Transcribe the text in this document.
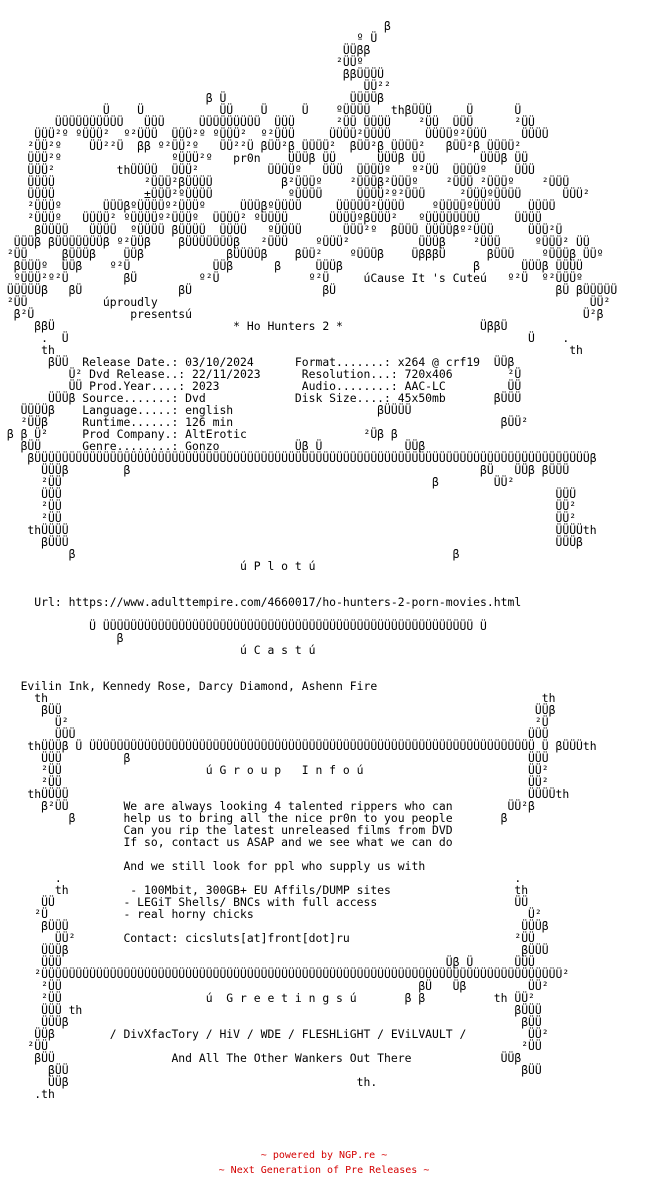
β
º Ü
ÜÜββ
²ÜÜº
ββÜÜÜÜ
ÜÜ²²
β Ü                  ÜÜÜÜβ
Ü    Ü           ÜÜ    Ü     Ü    ºÜÜÜÜ   thβÜÜÜ     Ü      Ü
ÜÜÜÜÜÜÜÜÜÜ   ÜÜÜ     ÜÜÜÜÜÜÜÜÜ  ÜÜÜ      ²ÜÜ ÜÜÜÜ    ²ÜÜ  ÜÜÜ      ²ÜÜ
ÜÜÜ²º ºÜÜÜ²  º²ÜÜÜ  ÜÜÜ²º ºÜÜÜ²  º²ÜÜÜ     ÜÜÜÜ²ÜÜÜÜ     ÜÜÜÜº²ÜÜÜ     ÜÜÜÜ
²ÜÜ²º    ÜÜ²²Ü  ββ º²ÜÜ²º   ÜÜ²²Ü βÜÜ²β ÜÜÜÜ²  βÜÜ²β ÜÜÜÜ²   βÜÜ²β ÜÜÜÜ²
ÜÜÜ²º                ºÜÜÜ²º   pr0n    ÜÜÜβ ÜÜ      ÜÜÜβ ÜÜ        ÜÜÜβ ÜÜ
ÜÜÜ²         thÜÜÜÜ  ÜÜÜ²          ÜÜÜÜº   ÜÜÜ  ÜÜÜÜº   º²ÜÜ  ÜÜÜÜº    ÜÜÜ
ÜÜÜÜ             ²ÜÜÜ²βÜÜÜÜ          β²ÜÜÜº    ²ÜÜÜβ²ÜÜÜº    ²ÜÜÜ ²ÜÜÜº    ²ÜÜÜ
ÜÜÜÜ             ±ÜÜÜ²ºÜÜÜÜ           ºÜÜÜÜ     ÜÜÜÜ²º²ÜÜÜ     ²ÜÜÜºÜÜÜÜ      ÜÜÜ²
²ÜÜÜº      ÜÜÜβºÜÜÜÜº²ÜÜÜº     ÜÜÜβºÜÜÜÜ     ÜÜÜÜÜ²ÜÜÜÜ    ºÜÜÜÜºÜÜÜÜ    ÜÜÜÜ
²ÜÜÜº   ÜÜÜÜ² ºÜÜÜÜº²ÜÜÜº  ÜÜÜÜ² ºÜÜÜÜ      ÜÜÜÜºβÜÜÜ²   ºÜÜÜÜÜÜÜÜ     ÜÜÜÜ
βÜÜÜÜ   ÜÜÜÜ  ºÜÜÜÜ βÜÜÜÜ  ÜÜÜÜ   ºÜÜÜÜ      ÜÜÜ²º  βÜÜÜ ÜÜÜÜβº²ÜÜÜ     ÜÜÜ²Ü
ÜÜÜβ βÜÜÜÜÜÜÜβ º²ÜÜβ    βÜÜÜÜÜÜÜβ   ²ÜÜÜ    ºÜÜÜ²          ÜÜÜβ    ²ÜÜÜ     ºÜÜÜ² ÜÜ
²ÜÜ     βÜÜÜβ    ÜÜβ            βÜÜÜÜβ    βÜÜ²    ºÜÜÜβ    ÜβββÜ      βÜÜÜ    ºÜÜÜβ ÜÜº
βÜÜÜº  ÜÜβ    º²Ü            ÜÜβ      β     ÜÜÜβ                   β      ÜÜÜβ ÜÜÜÜ
ºÜÜÜ²º²Ü        βÜ         º²Ü             º²Ü     úCause It 's Cuteú   º²Ü  º²ÜÜÜº
ÜÜÜÜÜβ   βÜ              βÜ                   βÜ                                βÜ βÜÜÜÜÜ
²ÜÜ           úproudly                                                               ÜÜ²
β²Ü              presentsú                                                         Ü²β
ββÜ                          * Ho Hunters 2 *                    ÜββÜ
.  Ü                                                                   Ü    .
th                                                                           th
βÜÜ  Release Date.: 03/10/2024      Format.......: x264 @ crf19  ÜÜβ
Ü² Dvd Release..: 22/11/2023      Resolution...: 720x406        ²Ü
ÜÜ Prod.Year....: 2023            Audio........: AAC-LC         ÜÜ
ÜÜÜβ Source.......: Dvd             Disk Size....: 45x50mb       βÜÜÜ
ÜÜÜÜβ    Language.....: english                     βÜÜÜÜ
²ÜÜβ     Runtime......: 126 min                                       βÜÜ²
β β Ü²     Prod Company.: AltErotic                 ²Üβ β
βÜÜ      Genre........: Gonzo           Üβ Ü            ÜÜβ
βÜÜÜÜÜÜÜÜÜÜÜÜÜÜÜÜÜÜÜÜÜÜÜÜÜÜÜÜÜÜÜÜÜÜÜÜÜÜÜÜÜÜÜÜÜÜÜÜÜÜÜÜÜÜÜÜÜÜÜÜÜÜÜÜÜÜÜÜÜÜÜÜÜÜÜÜÜÜÜÜÜβ
ÜÜÜβ        β                                                   βÜ   ÜÜβ βÜÜÜ
²ÜÜ                                                      β        ÜÜ²
ÜÜÜ                                                                        ÜÜÜ
²ÜÜ                                                                        ÜÜ²
²ÜÜ                                                                        ÜÜ²
thÜÜÜÜ                                                                       ÜÜÜÜth
βÜÜÜ                                                                       ÜÜÜβ
β                                                       β
ú P l o t ú
Url: https://www.adulttempire.com/4660017/ho-hunters-2-porn-movies.html
Ü ÜÜÜÜÜÜÜÜÜÜÜÜÜÜÜÜÜÜÜÜÜÜÜÜÜÜÜÜÜÜÜÜÜÜÜÜÜÜÜÜÜÜÜÜÜÜÜÜÜÜÜÜÜÜ Ü
β
ú C a s t ú
Evilin Ink, Kennedy Rose, Darcy Diamond, Ashenn Fire
th                                                                        th
βÜÜ                                                                     ÜÜβ
Ü²                                                                    ²Ü
ÜÜÜ                                                                  ÜÜÜ
thÜÜÜβ Ü ÜÜÜÜÜÜÜÜÜÜÜÜÜÜÜÜÜÜÜÜÜÜÜÜÜÜÜÜÜÜÜÜÜÜÜÜÜÜÜÜÜÜÜÜÜÜÜÜÜÜÜÜÜÜÜÜÜÜÜÜÜÜÜÜÜ Ü βÜÜÜth
ÜÜÜ         β                                                          ÜÜÜ
²ÜÜ                     ú G r o u p   I n f o ú                        ÜÜ²
²ÜÜ                                                                    ÜÜ²
thÜÜÜÜ                                                                   ÜÜÜÜth
β²ÜÜ        We are always looking 4 talented rippers who can        ÜÜ²β
β       help us to bring all the nice pr0n to you people       β
Can you rip the latest unreleased films from DVD
If so, contact us ASAP and we see what we can do
And we still look for ppl who supply us with
.                                                                  .
th         - 100Mbit, 300GB+ EU Affils/DUMP sites                  th
ÜÜ          - LEGiT Shells/ BNCs with full access                    ÜÜ
²Ü           - real horny chicks                                        Ü²
βÜÜÜ                                                                  ÜÜÜβ
ÜÜ²       Contact: cicsluts[at]front[dot]ru                        ²ÜÜ
ÜÜÜβ                                                                  βÜÜÜ
ÜÜÜ                                                        Üβ Ü      ÜÜÜ
²ÜÜÜÜÜÜÜÜÜÜÜÜÜÜÜÜÜÜÜÜÜÜÜÜÜÜÜÜÜÜÜÜÜÜÜÜÜÜÜÜÜÜÜÜÜÜÜÜÜÜÜÜÜÜÜÜÜÜÜÜÜÜÜÜÜÜÜÜÜÜÜÜÜÜÜÜ²
²ÜÜ                                                    βÜ   Üβ         ÜÜ²
²ÜÜ                     ú  G r e e t i n g s ú       β β          th ÜÜ²
ÜÜÜ th                                                               βÜÜÜ
ÜÜÜβ                                                                  βÜÜ
ÜÜβ        / DivXfacTory / HiV / WDE / FLESHLiGHT / EViLVAULT /         ÜÜ²
²ÜÜ                                                                     ²ÜÜ
βÜÜ                 And All The Other Wankers Out There             ÜÜβ
βÜÜ                                                                  βÜÜ
ÜÜβ                                          th.
.th
~ powered by NGP.re ~
~ Next Generation of Pre Releases ~
